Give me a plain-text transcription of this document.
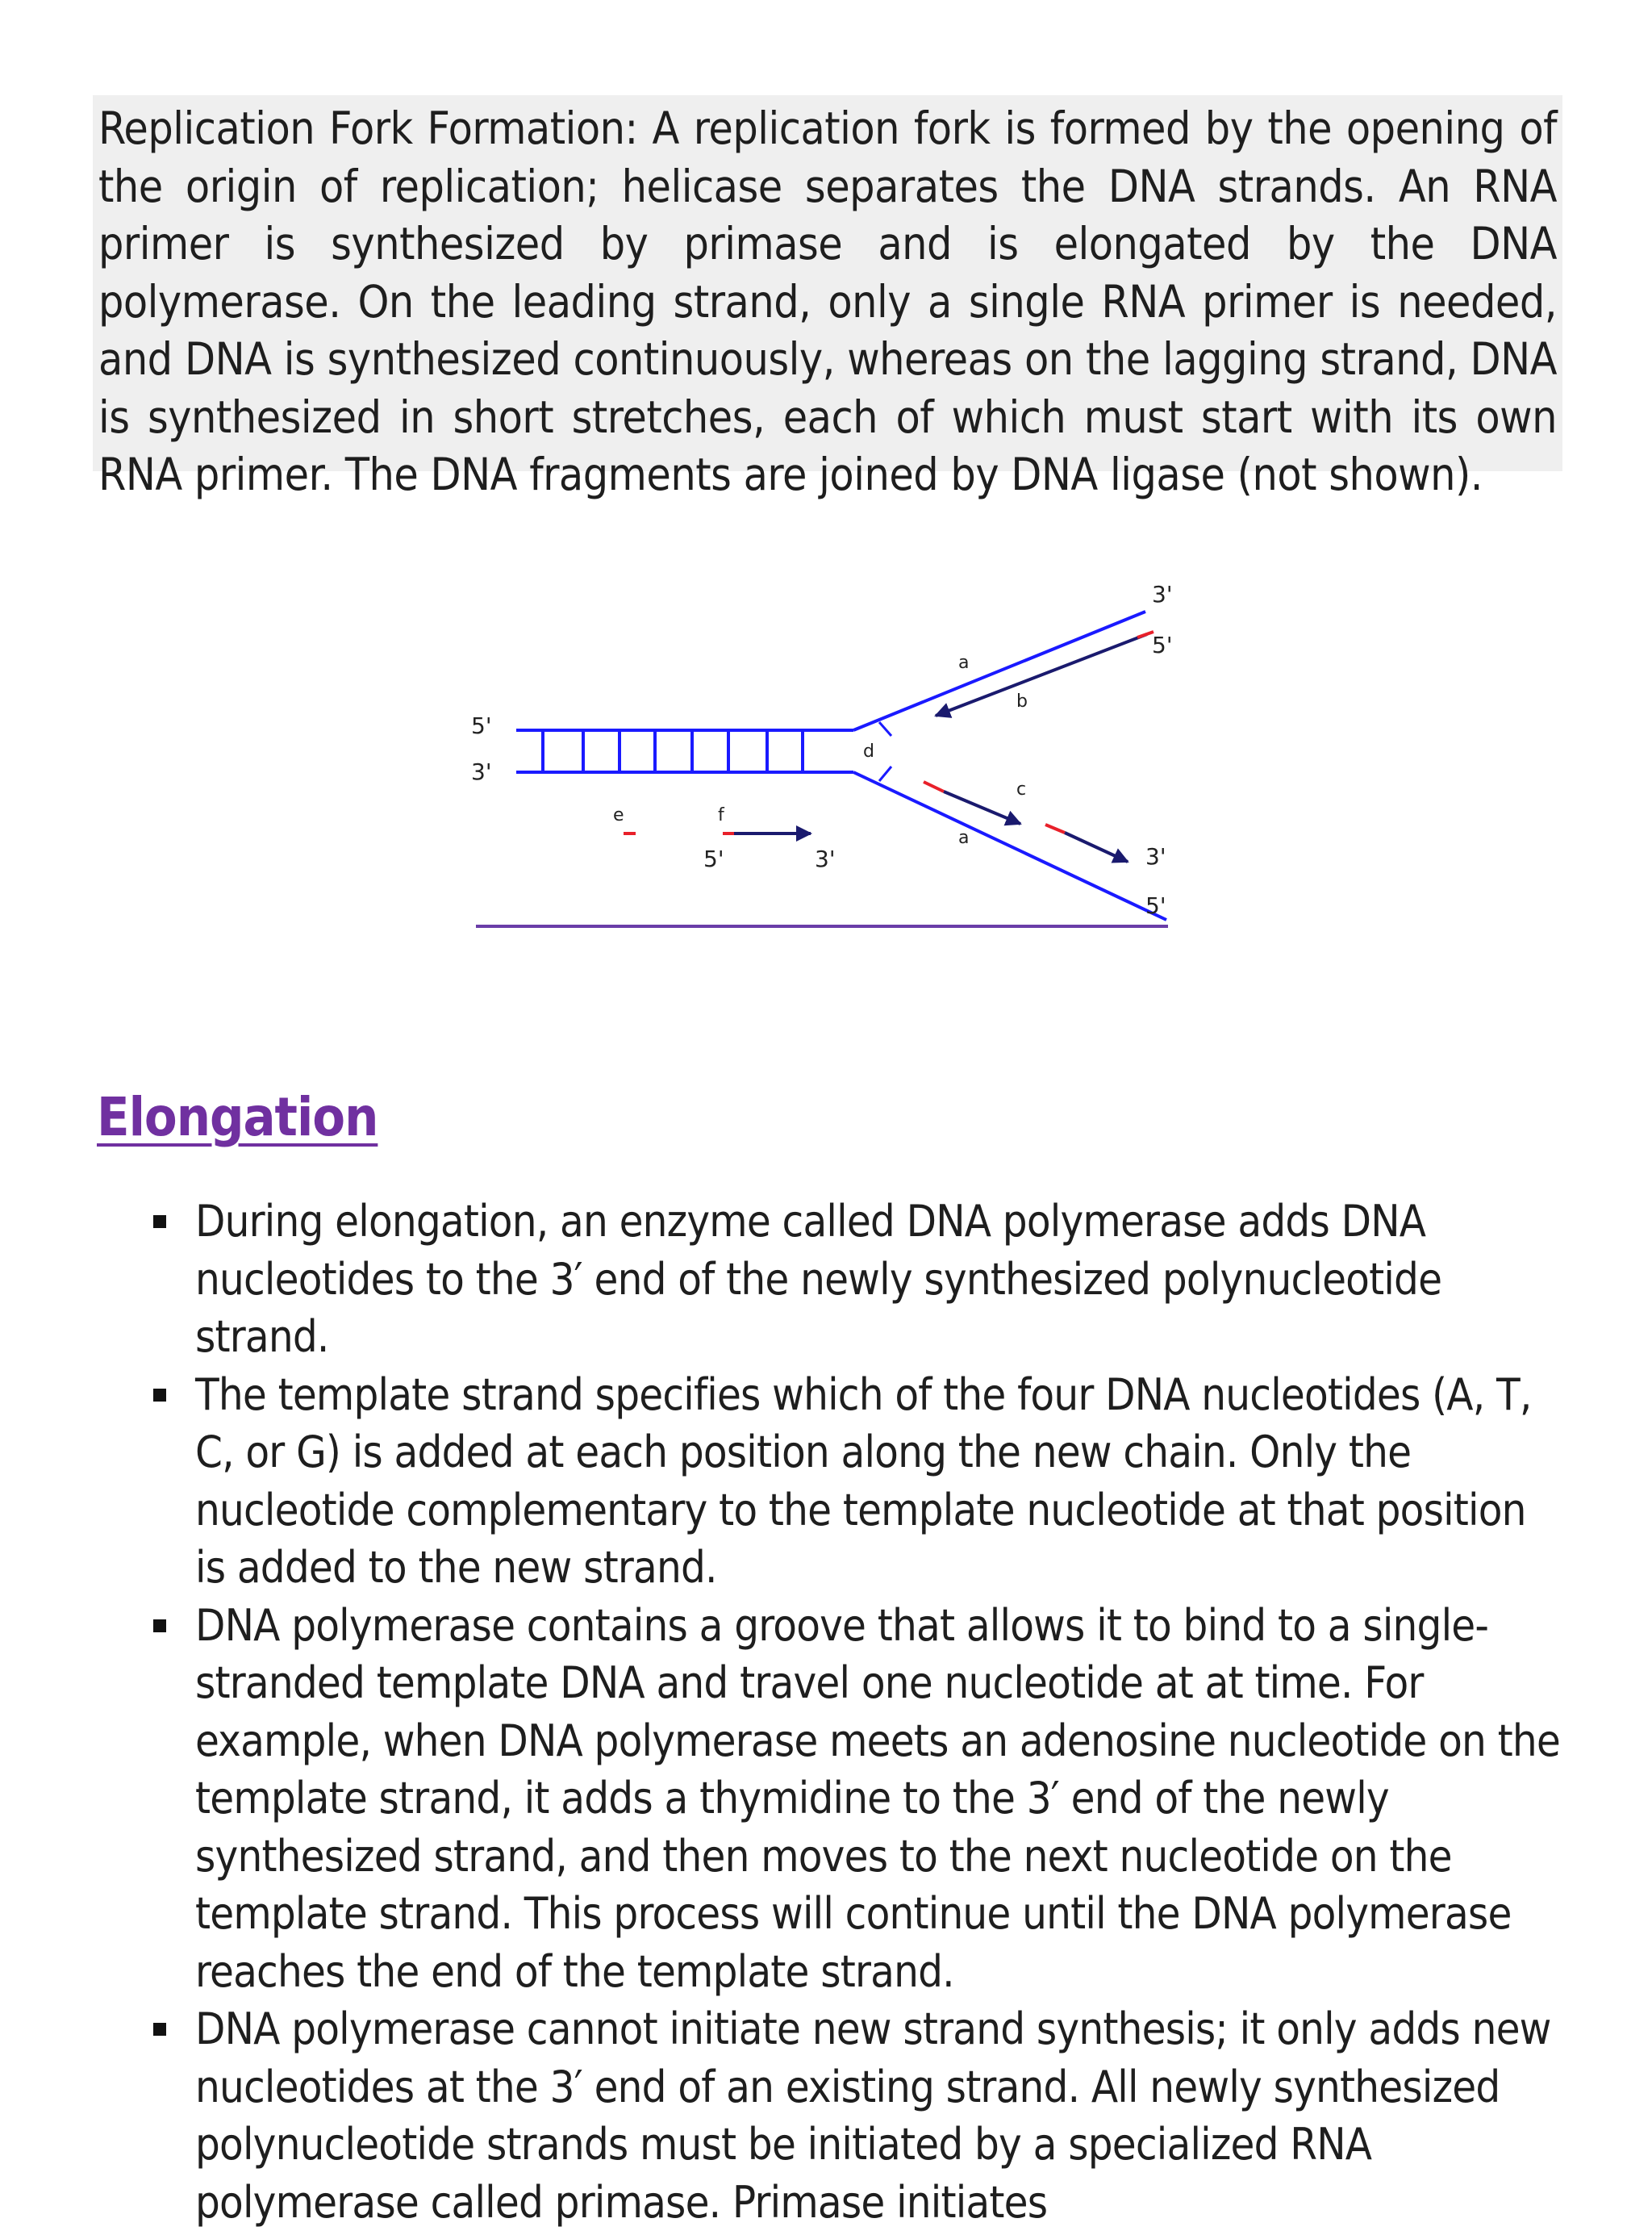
Replication Fork Formation: A replication fork is formed by the opening of the origin of replication; helicase separates the DNA strands. An RNA primer is synthesized by primase and is elongated by the DNA polymerase. On the leading strand, only a single RNA primer is needed, and DNA is synthesized continuously, whereas on the lagging strand, DNA is synthesized in short stretches, each of which must start with its own RNA primer. The DNA fragments are joined by DNA ligase (not shown).

5'
3'
3'
5'
3'
5'
a
a
b
c
d
e	f
5'	3'
Elongation
During elongation, an enzyme called DNA polymerase adds DNA nucleotides to the 3′ end of the newly synthesized polynucleotide strand.
The template strand specifies which of the four DNA nucleotides (A, T, C, or G) is added at each position along the new chain. Only the nucleotide complementary to the template nucleotide at that position is added to the new strand.
DNA polymerase contains a groove that allows it to bind to a single-stranded template DNA and travel one nucleotide at at time. For example, when DNA polymerase meets an adenosine nucleotide on the template strand, it adds a thymidine to the 3′ end of the newly synthesized strand, and then moves to the next nucleotide on the template strand. This process will continue until the DNA polymerase reaches the end of the template strand.
DNA polymerase cannot initiate new strand synthesis; it only adds new nucleotides at the 3′ end of an existing strand. All newly synthesized polynucleotide strands must be initiated by a specialized RNA polymerase called primase. Primase initiates
